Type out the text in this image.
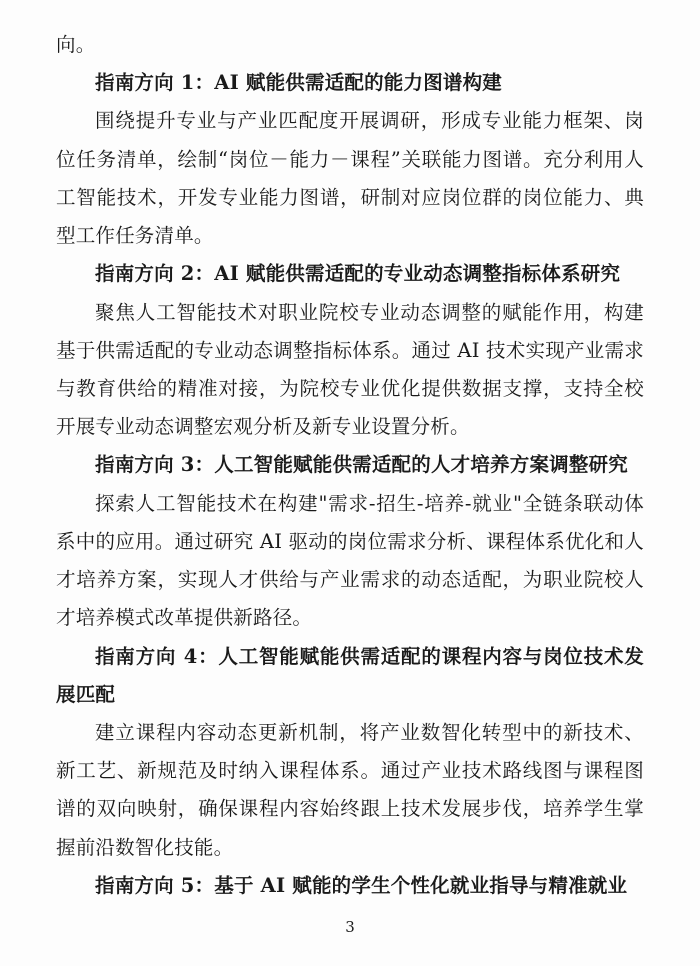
向。

指南方向 1：AI 赋能供需适配的能力图谱构建

围绕提升专业与产业匹配度开展调研，形成专业能力框架、岗位任务清单，绘制“岗位－能力－课程”关联能力图谱。充分利用人工智能技术，开发专业能力图谱，研制对应岗位群的岗位能力、典型工作任务清单。

指南方向 2：AI 赋能供需适配的专业动态调整指标体系研究

聚焦人工智能技术对职业院校专业动态调整的赋能作用，构建基于供需适配的专业动态调整指标体系。通过 AI 技术实现产业需求与教育供给的精准对接，为院校专业优化提供数据支撑，支持全校开展专业动态调整宏观分析及新专业设置分析。

指南方向 3：人工智能赋能供需适配的人才培养方案调整研究

探索人工智能技术在构建"需求-招生-培养-就业"全链条联动体系中的应用。通过研究 AI 驱动的岗位需求分析、课程体系优化和人才培养方案，实现人才供给与产业需求的动态适配，为职业院校人才培养模式改革提供新路径。

指南方向 4：人工智能赋能供需适配的课程内容与岗位技术发展匹配

建立课程内容动态更新机制，将产业数智化转型中的新技术、新工艺、新规范及时纳入课程体系。通过产业技术路线图与课程图谱的双向映射，确保课程内容始终跟上技术发展步伐，培养学生掌握前沿数智化技能。

指南方向 5：基于 AI 赋能的学生个性化就业指导与精准就业

3
